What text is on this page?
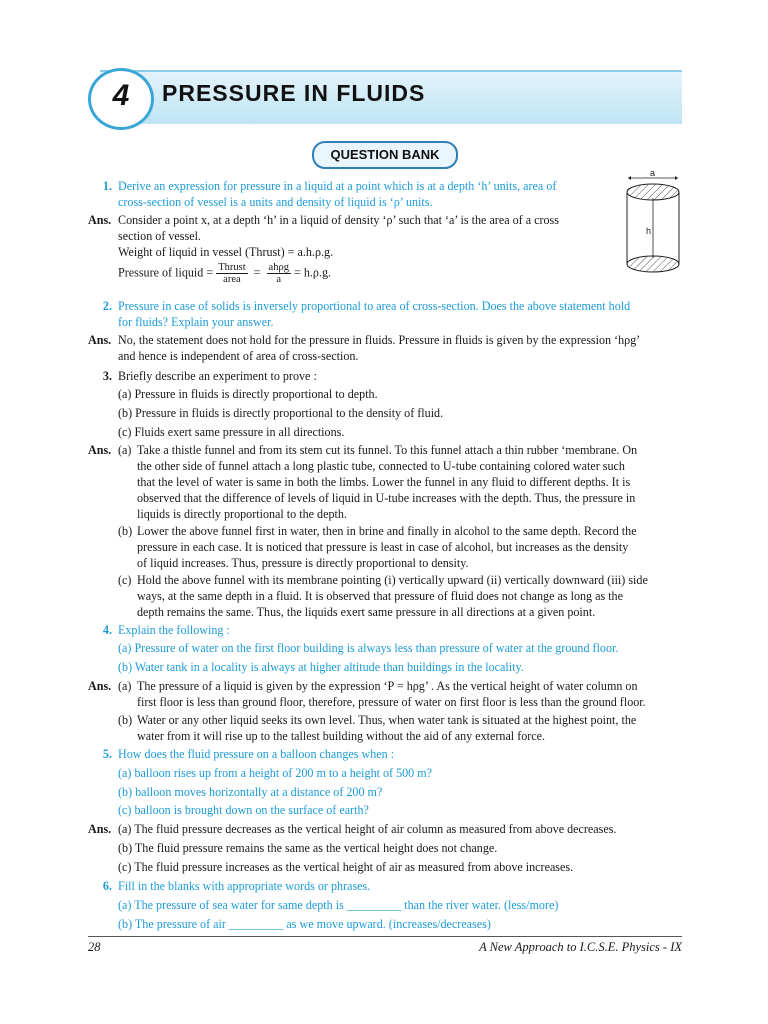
4	PRESSURE IN FLUIDS
QUESTION BANK
a
h
1. Derive an expression for pressure in a liquid at a point which is at a depth ‘h’ units, area of
cross-section of vessel is a units and density of liquid is ‘ρ’ units.
Ans. Consider a point x, at a depth ‘h’ in a liquid of density ‘ρ’ such that ‘a’ is the area of a cross
section of vessel.
Weight of liquid in vessel (Thrust) = a.h.ρ.g.
Pressure of liquid = $\frac{\text{Thrust}}{\text{area}} = \frac{\text{ahρg}}{a} = h.\rho.g$.
2. Pressure in case of solids is inversely proportional to area of cross-section. Does the above statement hold
for fluids? Explain your answer.
Ans. No, the statement does not hold for the pressure in fluids. Pressure in fluids is given by the expression ‘hρg’
and hence is independent of area of cross-section.
3. Briefly describe an experiment to prove :
(a) Pressure in fluids is directly proportional to depth.
(b) Pressure in fluids is directly proportional to the density of fluid.
(c) Fluids exert same pressure in all directions.
Ans. (a) Take a thistle funnel and from its stem cut its funnel. To this funnel attach a thin rubber ‘membrane. On
the other side of funnel attach a long plastic tube, connected to U-tube containing colored water such
that the level of water is same in both the limbs. Lower the funnel in any fluid to different depths. It is
observed that the difference of levels of liquid in U-tube increases with the depth. Thus, the pressure in
liquids is directly proportional to the depth.
(b) Lower the above funnel first in water, then in brine and finally in alcohol to the same depth. Record the
pressure in each case. It is noticed that pressure is least in case of alcohol, but increases as the density
of liquid increases. Thus, pressure is directly proportional to density.
(c) Hold the above funnel with its membrane pointing (i) vertically upward (ii) vertically downward (iii) side
ways, at the same depth in a fluid. It is observed that pressure of fluid does not change as long as the
depth remains the same. Thus, the liquids exert same pressure in all directions at a given point.
4. Explain the following :
(a) Pressure of water on the first floor building is always less than pressure of water at the ground floor.
(b) Water tank in a locality is always at higher altitude than buildings in the locality.
Ans. (a) The pressure of a liquid is given by the expression ‘P = hρg’ . As the vertical height of water column on
first floor is less than ground floor, therefore, pressure of water on first floor is less than the ground floor.
(b) Water or any other liquid seeks its own level. Thus, when water tank is situated at the highest point, the
water from it will rise up to the tallest building without the aid of any external force.
5. How does the fluid pressure on a balloon changes when :
(a) balloon rises up from a height of 200 m to a height of 500 m?
(b) balloon moves horizontally at a distance of 200 m?
(c) balloon is brought down on the surface of earth?
Ans. (a) The fluid pressure decreases as the vertical height of air column as measured from above decreases.
(b) The fluid pressure remains the same as the vertical height does not change.
(c) The fluid pressure increases as the vertical height of air as measured from above increases.
6. Fill in the blanks with appropriate words or phrases.
(a) The pressure of sea water for same depth is _________ than the river water. (less/more)
(b) The pressure of air _________ as we move upward. (increases/decreases)
28	A New Approach to I.C.S.E. Physics - IX
